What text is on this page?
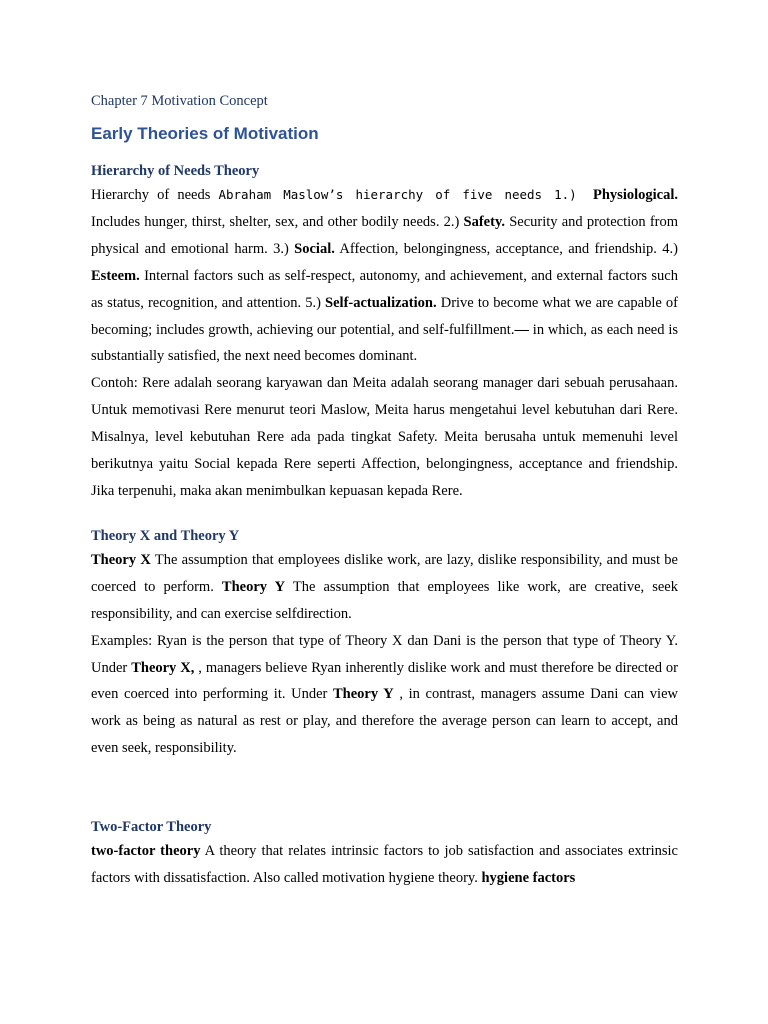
Chapter 7 Motivation Concept

Early Theories of Motivation
Hierarchy of Needs Theory

Hierarchy of needs Abraham Maslow’s hierarchy of five needs 1.) Physiological. Includes hunger, thirst, shelter, sex, and other bodily needs. 2.) Safety. Security and protection from physical and emotional harm. 3.) Social. Affection, belongingness, acceptance, and friendship. 4.) Esteem. Internal factors such as self-respect, autonomy, and achievement, and external factors such as status, recognition, and attention. 5.) Self-actualization. Drive to become what we are capable of becoming; includes growth, achieving our potential, and self-fulfillment.— in which, as each need is substantially satisfied, the next need becomes dominant.

Contoh: Rere adalah seorang karyawan dan Meita adalah seorang manager dari sebuah perusahaan. Untuk memotivasi Rere menurut teori Maslow, Meita harus mengetahui level kebutuhan dari Rere. Misalnya, level kebutuhan Rere ada pada tingkat Safety. Meita berusaha untuk memenuhi level berikutnya yaitu Social kepada Rere seperti Affection, belongingness, acceptance and friendship. Jika terpenuhi, maka akan menimbulkan kepuasan kepada Rere.

Theory X and Theory Y

Theory X The assumption that employees dislike work, are lazy, dislike responsibility, and must be coerced to perform. Theory Y The assumption that employees like work, are creative, seek responsibility, and can exercise selfdirection.

Examples: Ryan is the person that type of Theory X dan Dani is the person that type of Theory Y. Under Theory X, , managers believe Ryan inherently dislike work and must therefore be directed or even coerced into performing it. Under Theory Y , in contrast, managers assume Dani can view work as being as natural as rest or play, and therefore the average person can learn to accept, and even seek, responsibility.

Two-Factor Theory

two-factor theory A theory that relates intrinsic factors to job satisfaction and associates extrinsic factors with dissatisfaction. Also called motivation hygiene theory. hygiene factors
